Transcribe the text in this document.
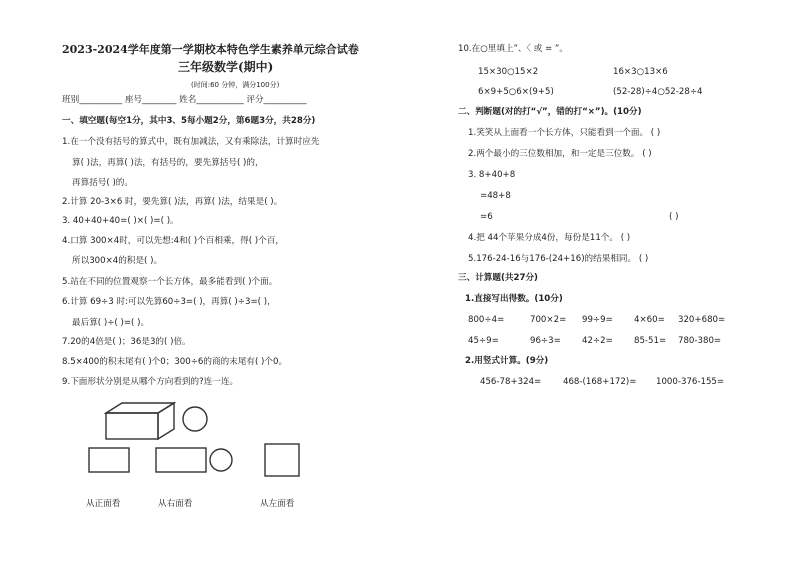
2023-2024学年度第一学期校本特色学生素养单元综合试卷
三年级数学(期中)
(时间:60 分钟，满分100分)
班别__________ 座号________ 姓名___________ 评分__________
一、填空题(每空1分，其中3、5每小题2分，第6题3分，共28分)
1.在一个没有括号的算式中，既有加减法，又有乘除法，计算时应先
算( )法，再算( )法，有括号的，要先算括号( )的，
再算括号( )的。
2.计算 20-3×6 时，要先算( )法，再算( )法，结果是( )。
3. 40+40+40=( )×( )=( )。
4.口算 300×4时，可以先想:4和( )个百相乘，得( )个百，
所以300×4的积是( )。
5.站在不同的位置观察一个长方体，最多能看到( )个面。
6.计算 69÷3 时:可以先算60÷3=( )，再算( )÷3=( )，
最后算( )÷( )=( )。
7.20的4倍是( )；36是3的( )倍。
8.5×400的积末尾有( )个0；300÷6的商的末尾有( )个0。
9.下面形状分别是从哪个方向看到的?连一连。
从正面看	从右面看	从左面看
10.在○里填上”、〈 或 = ”。
15×30○15×2	16×3○13×6
6×9+5○6×(9+5)	(52-28)÷4○52-28÷4
二、判断题(对的打“√”，错的打“×”)。(10分)
1.笑笑从上面看一个长方体，只能看到一个面。 ( )
2.两个最小的三位数相加，和一定是三位数。 ( )
3. 8+40+8
=48+8
=6	( )
4.把 44个苹果分成4份，每份是11个。 ( )
5.176-24-16与176-(24+16)的结果相同。 ( )
三、计算题(共27分)
1.直接写出得数。(10分)
800÷4=	700×2= 99÷9= 4×60= 320+680=
45÷9=	96÷3= 42÷2= 85-51= 780-380=
2.用竖式计算。(9分)
456-78+324=	468-(168+172)= 1000-376-155=
